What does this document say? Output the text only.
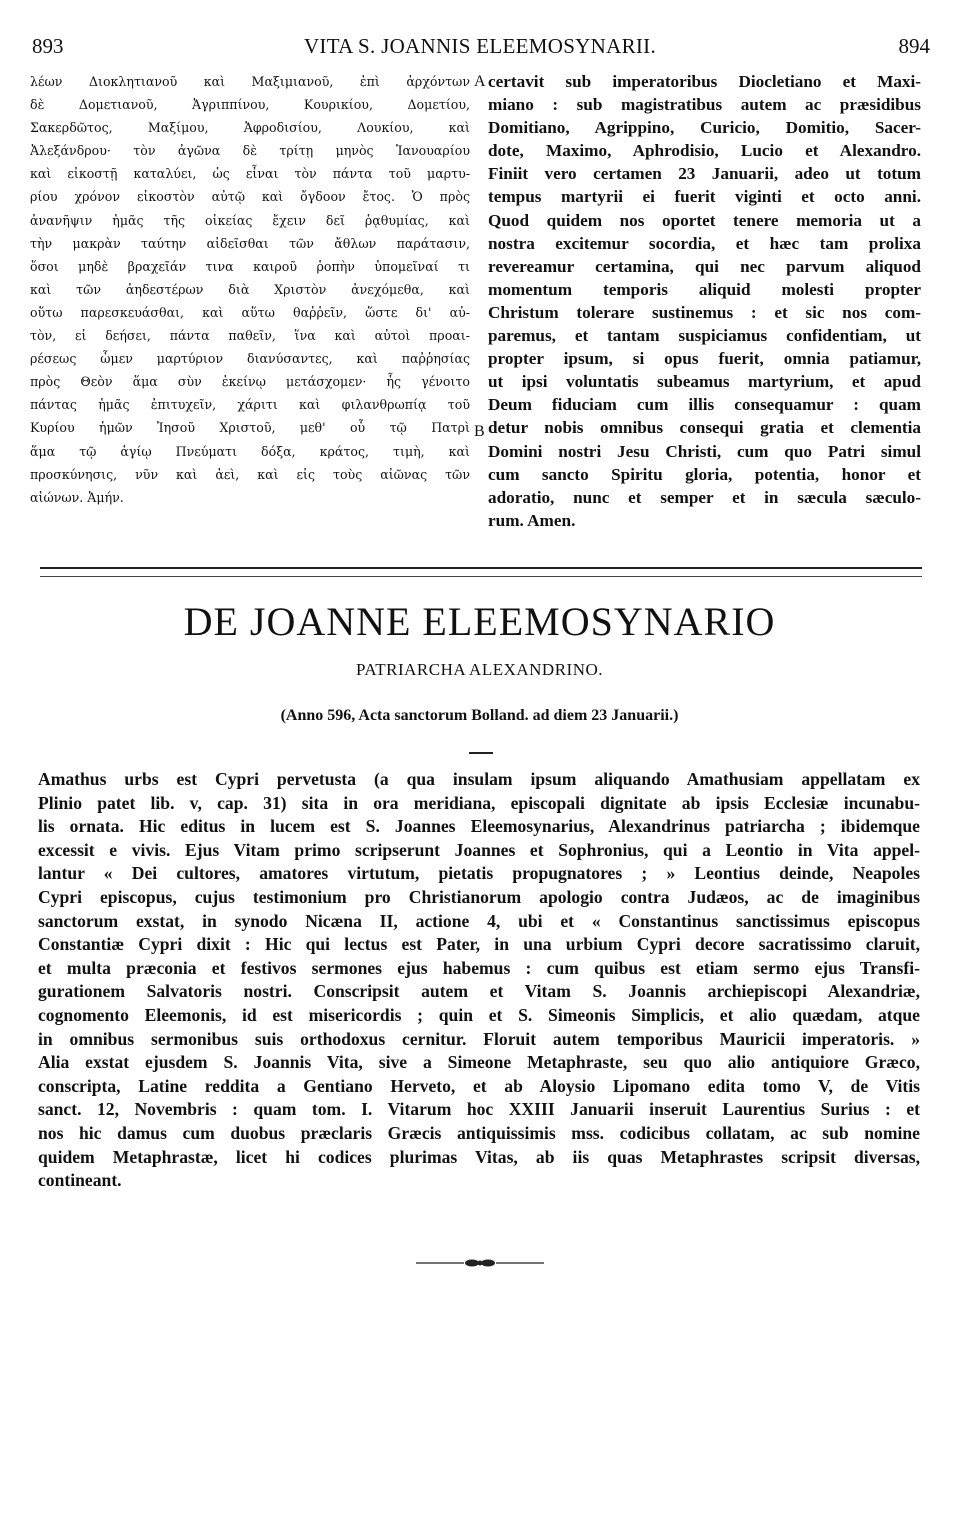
893	VITA S. JOANNIS ELEEMOSYNARII.	894
λέων Διοκλητιανοῦ καὶ Μαξιμιανοῦ, ἐπὶ ἀρχόντων
δὲ Δομετιανοῦ, Ἀγριππίνου, Κουρικίου, Δομετίου,
Σακερδῶτος, Μαξίμου, Ἀφροδισίου, Λουκίου, καὶ
Ἀλεξάνδρου· τὸν ἀγῶνα δὲ τρίτῃ μηνὸς Ἰανουαρίου
καὶ εἰκοστῇ καταλύει, ὡς εἶναι τὸν πάντα τοῦ μαρτυ-
ρίου χρόνον εἰκοστὸν αὐτῷ καὶ ὄγδοον ἔτος. Ὁ πρὸς
ἀνανῆψιν ἡμᾶς τῆς οἰκείας ἔχειν δεῖ ῥᾳθυμίας, καὶ
τὴν μακρὰν ταύτην αἰδεῖσθαι τῶν ἄθλων παράτασιν,
ὅσοι μηδὲ βραχεῖάν τινα καιροῦ ῥοπὴν ὑπομεῖναί τι
καὶ τῶν ἀηδεστέρων διὰ Χριστὸν ἀνεχόμεθα, καὶ
οὕτω παρεσκευάσθαι, καὶ αὕτω θαῤῥεῖν, ὥστε δι' αὐ-
τὸν, εἰ δεήσει, πάντα παθεῖν, ἵνα καὶ αὐτοὶ προαι-
ρέσεως ὦμεν μαρτύριον διανύσαντες, καὶ παῤῥησίας
πρὸς Θεὸν ἅμα σὺν ἐκείνῳ μετάσχομεν· ἧς γένοιτο
πάντας ἡμᾶς ἐπιτυχεῖν, χάριτι καὶ φιλανθρωπίᾳ τοῦ
Κυρίου ἡμῶν Ἰησοῦ Χριστοῦ, μεθ' οὗ τῷ Πατρὶ
ἅμα τῷ ἁγίῳ Πνεύματι δόξα, κράτος, τιμὴ, καὶ
προσκύνησις, νῦν καὶ ἀεὶ, καὶ εἰς τοὺς αἰῶνας τῶν
αἰώνων. Ἀμήν.
A
B
certavit sub imperatoribus Diocletiano et Maxi-
miano : sub magistratibus autem ac præsidibus
Domitiano, Agrippino, Curicio, Domitio, Sacer-
dote, Maximo, Aphrodisio, Lucio et Alexandro.
Finiit vero certamen 23 Januarii, adeo ut totum
tempus martyrii ei fuerit viginti et octo anni.
Quod quidem nos oportet tenere memoria ut a
nostra excitemur socordia, et hæc tam prolixa
revereamur certamina, qui nec parvum aliquod
momentum temporis aliquid molesti propter
Christum tolerare sustinemus : et sic nos com-
paremus, et tantam suspiciamus confidentiam, ut
propter ipsum, si opus fuerit, omnia patiamur,
ut ipsi voluntatis subeamus martyrium, et apud
Deum fiduciam cum illis consequamur : quam
detur nobis omnibus consequi gratia et clementia
Domini nostri Jesu Christi, cum quo Patri simul
cum sancto Spiritu gloria, potentia, honor et
adoratio, nunc et semper et in sæcula sæculo-
rum. Amen.
DE JOANNE ELEEMOSYNARIO
PATRIARCHA ALEXANDRINO.
(Anno 596, Acta sanctorum Bolland. ad diem 23 Januarii.)
Amathus urbs est Cypri pervetusta (a qua insulam ipsum aliquando Amathusiam appellatam ex
Plinio patet lib. v, cap. 31) sita in ora meridiana, episcopali dignitate ab ipsis Ecclesiæ incunabu-
lis ornata. Hic editus in lucem est S. Joannes Eleemosynarius, Alexandrinus patriarcha ; ibidemque
excessit e vivis. Ejus Vitam primo scripserunt Joannes et Sophronius, qui a Leontio in Vita appel-
lantur « Dei cultores, amatores virtutum, pietatis propugnatores ; » Leontius deinde, Neapoles
Cypri episcopus, cujus testimonium pro Christianorum apologio contra Judæos, ac de imaginibus
sanctorum exstat, in synodo Nicæna II, actione 4, ubi et « Constantinus sanctissimus episcopus
Constantiæ Cypri dixit : Hic qui lectus est Pater, in una urbium Cypri decore sacratissimo claruit,
et multa præconia et festivos sermones ejus habemus : cum quibus est etiam sermo ejus Transfi-
gurationem Salvatoris nostri. Conscripsit autem et Vitam S. Joannis archiepiscopi Alexandriæ,
cognomento Eleemonis, id est misericordis ; quin et S. Simeonis Simplicis, et alio quædam, atque
in omnibus sermonibus suis orthodoxus cernitur. Floruit autem temporibus Mauricii imperatoris. »
Alia exstat ejusdem S. Joannis Vita, sive a Simeone Metaphraste, seu quo alio antiquiore Græco,
conscripta, Latine reddita a Gentiano Herveto, et ab Aloysio Lipomano edita tomo V, de Vitis
sanct. 12, Novembris : quam tom. I. Vitarum hoc XXIII Januarii inseruit Laurentius Surius : et
nos hic damus cum duobus præclaris Græcis antiquissimis mss. codicibus collatam, ac sub nomine
quidem Metaphrastæ, licet hi codices plurimas Vitas, ab iis quas Metaphrastes scripsit diversas,
contineant.
